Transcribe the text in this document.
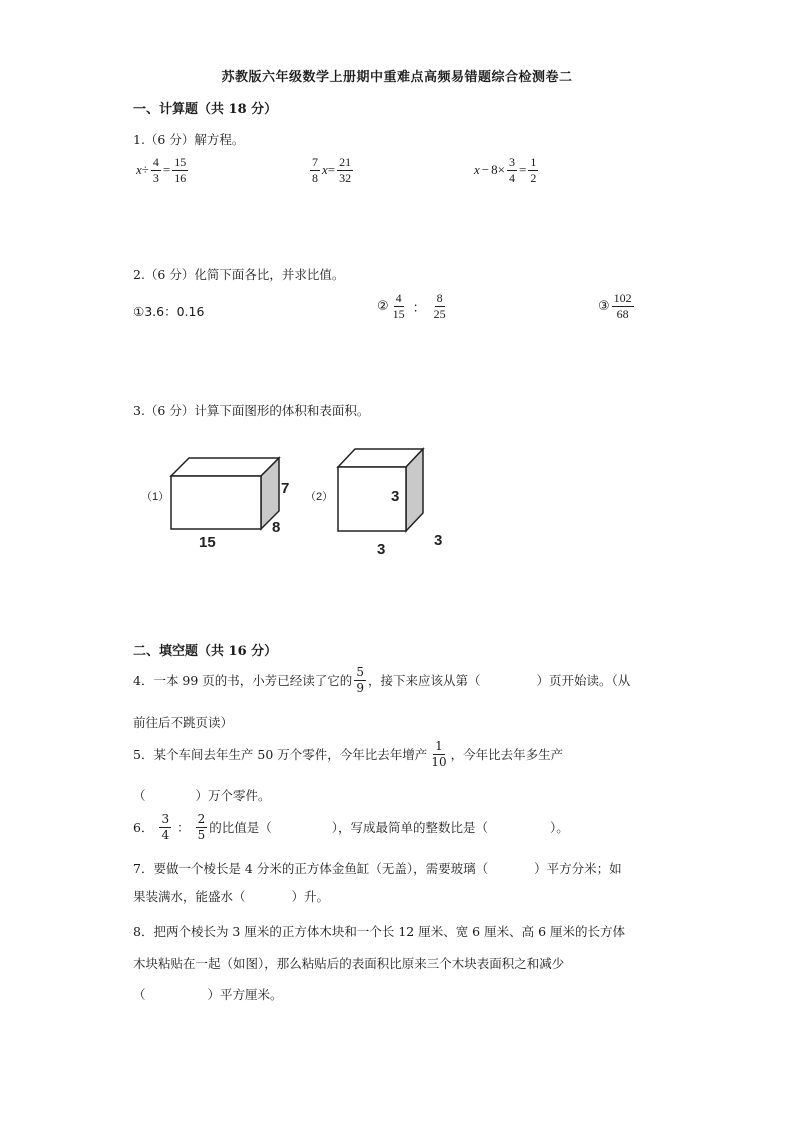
苏教版六年级数学上册期中重难点高频易错题综合检测卷二
一、计算题（共 18 分）
1.（6 分）解方程。
$x \div \frac{4}{3} = \frac{15}{16}$	$\frac{7}{8}$ $x = \frac{21}{32}$	$x - 8 \times \frac{3}{4} = \frac{1}{2}$
2.（6 分）化简下面各比，并求比值。
①3.6：0.16	② $\frac{4}{15}$ ： $\frac{8}{25}$	③ $\frac{102}{68}$
3.（6 分）计算下面图形的体积和表面积。
（1）	7
8
15
（2）	3
3
3
二、填空题（共 16 分）
4．一本 99 页的书，小芳已经读了它的 $\frac{5}{9}$ ，接下来应该从第（	）页开始读。（从
前往后不跳页读）
5．某个车间去年生产 50 万个零件，今年比去年增产 $\frac{1}{10}$ ，今年比去年多生产
（	）万个零件。
6． $\frac{3}{4}$ ： $\frac{2}{5}$ 的比值是（	），写成最简单的整数比是（	）。
7．要做一个棱长是 4 分米的正方体金鱼缸（无盖），需要玻璃（	）平方分米；如
果装满水，能盛水（	）升。
8．把两个棱长为 3 厘米的正方体木块和一个长 12 厘米、宽 6 厘米、高 6 厘米的长方体
木块粘贴在一起（如图），那么粘贴后的表面积比原来三个木块表面积之和减少
（	）平方厘米。
